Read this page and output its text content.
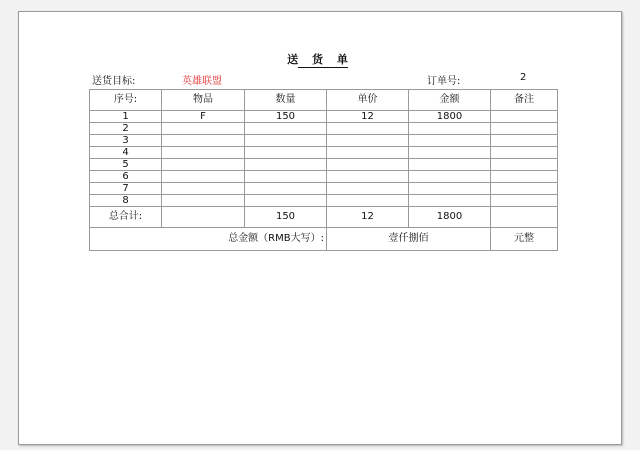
送 货 单
送货目标:	英雄联盟	订单号:	2
序号:	物品	数量	单价	金额	备注
1	F	150	12	1800	
2					
3					
4					
5					
6					
7					
8					
总合计:		150	12	1800	
总金额（RMB大写）:			壹仟捌佰		元整
